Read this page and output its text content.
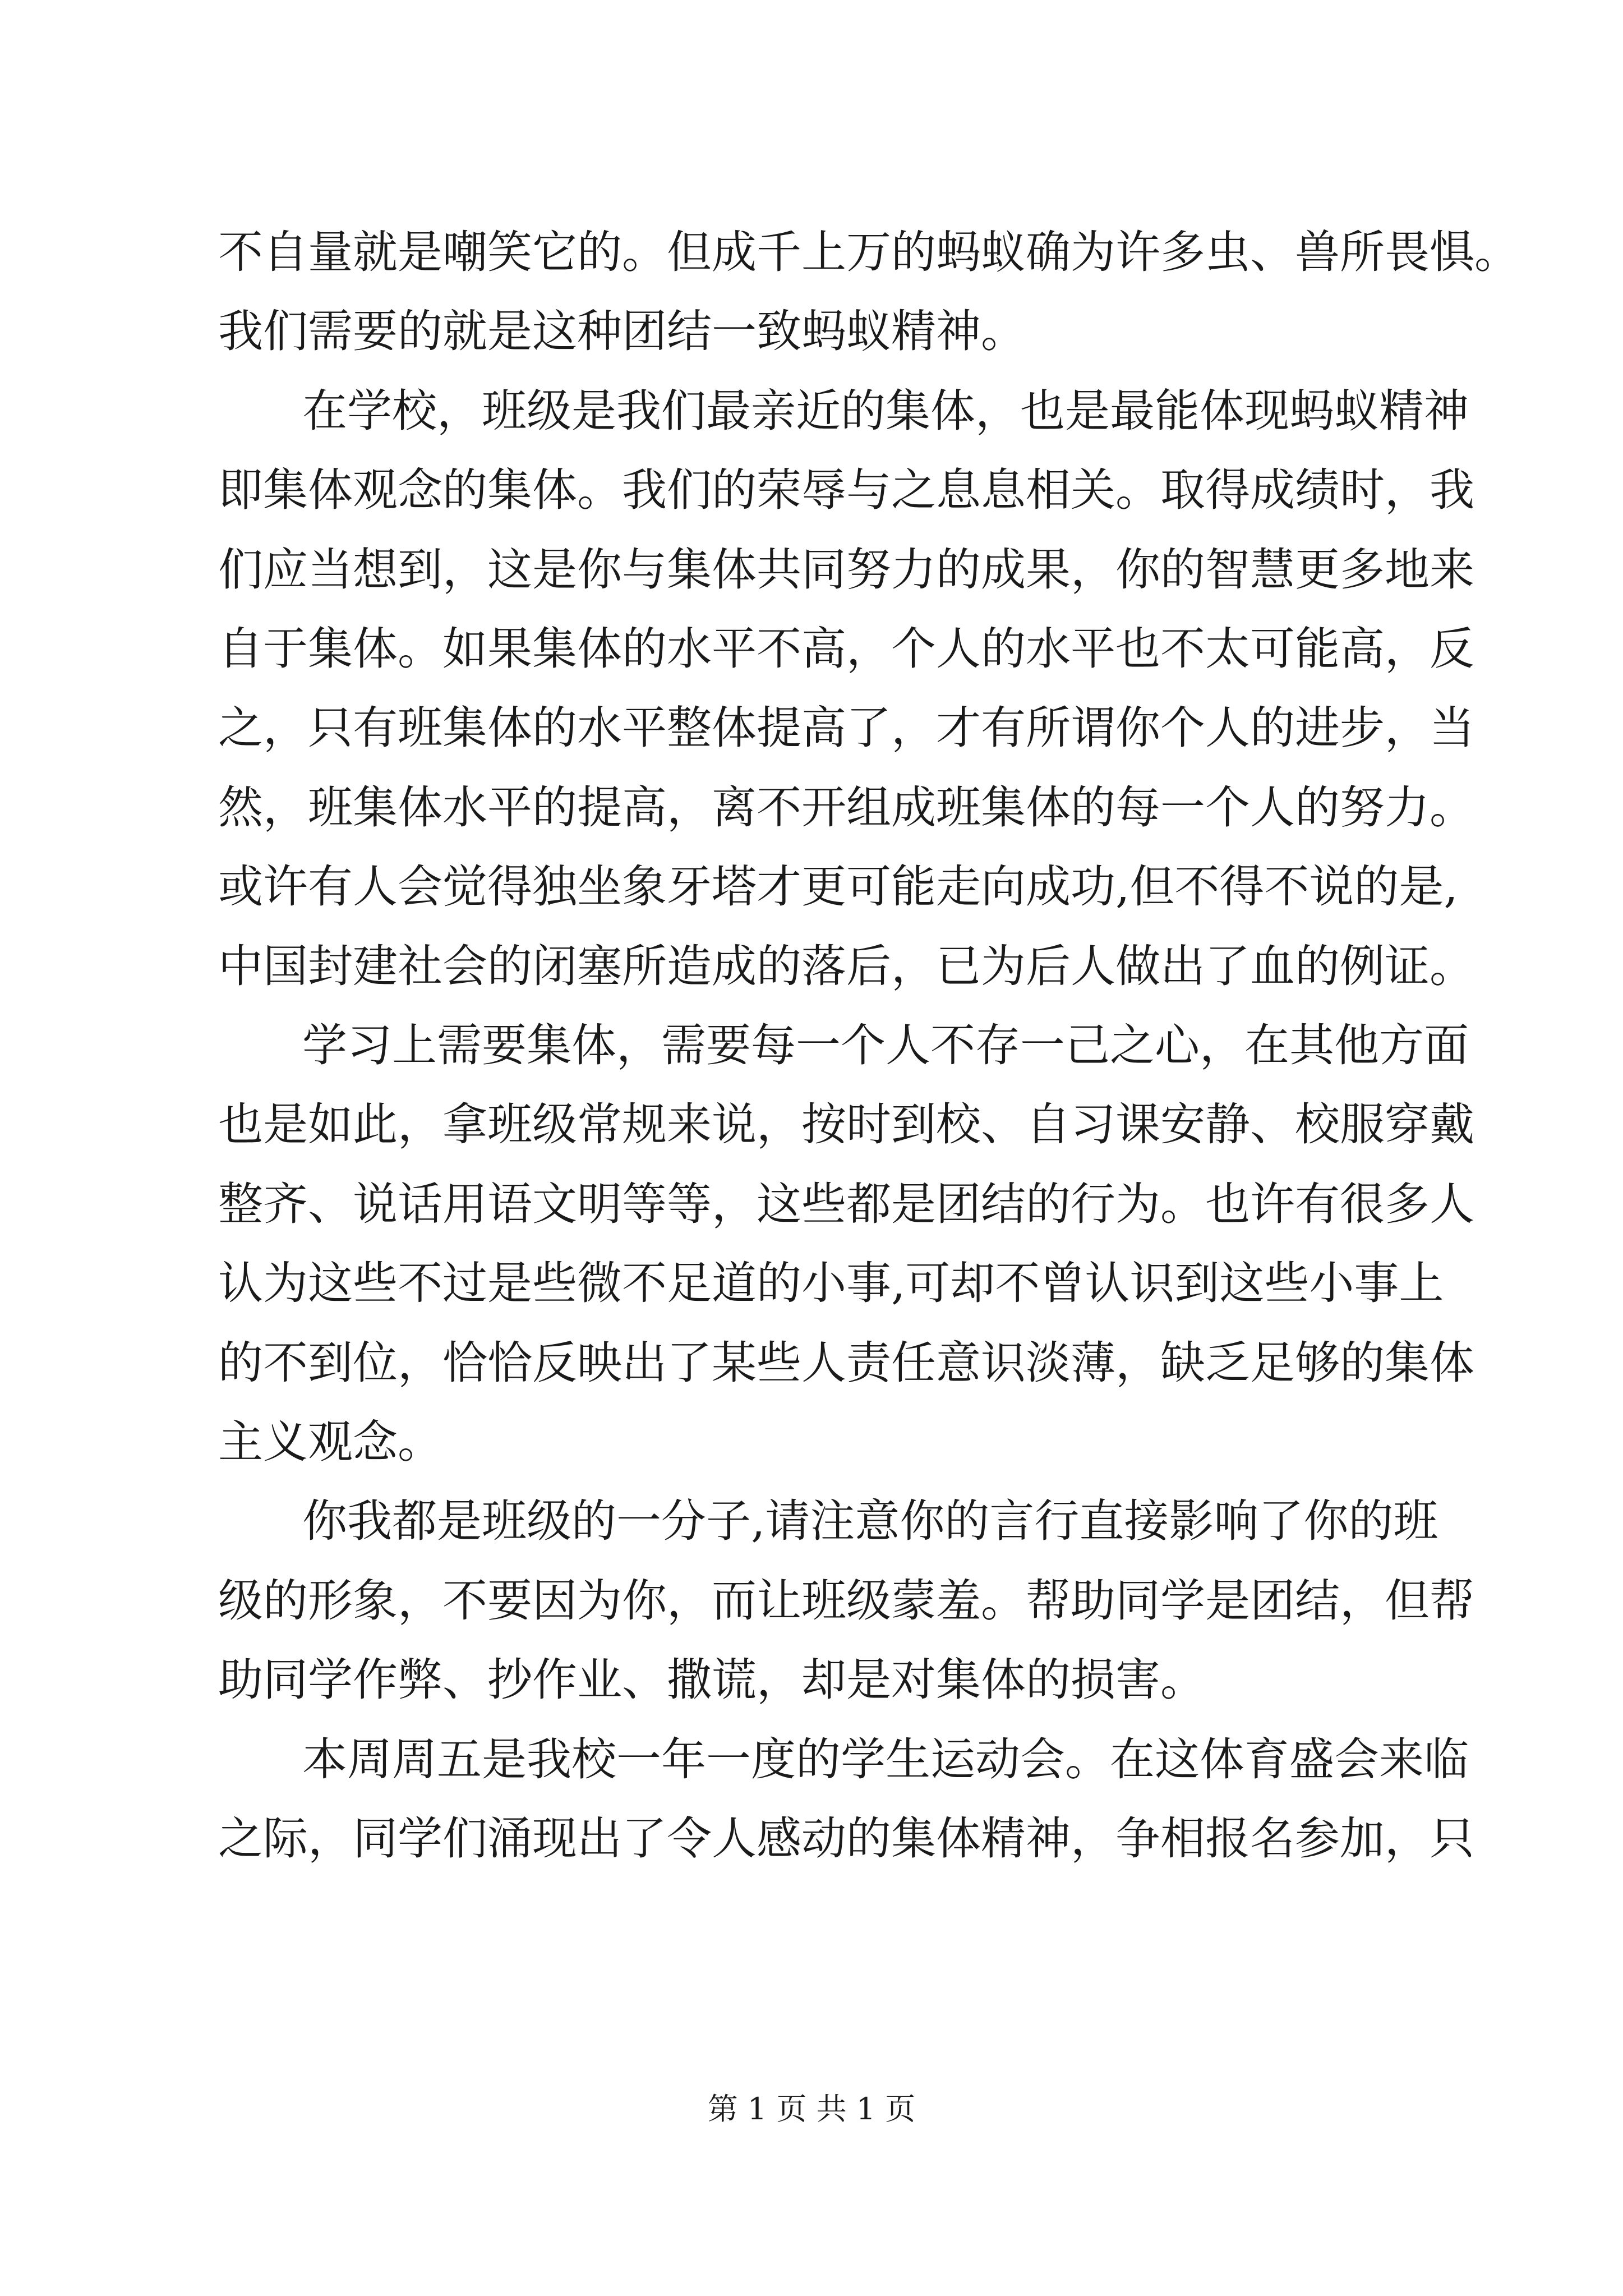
不自量就是嘲笑它的。但成千上万的蚂蚁确为许多虫、兽所畏惧。
我们需要的就是这种团结一致蚂蚁精神。
在学校，班级是我们最亲近的集体，也是最能体现蚂蚁精神
即集体观念的集体。我们的荣辱与之息息相关。取得成绩时，我
们应当想到，这是你与集体共同努力的成果，你的智慧更多地来
自于集体。如果集体的水平不高，个人的水平也不太可能高，反
之，只有班集体的水平整体提高了，才有所谓你个人的进步，当
然，班集体水平的提高，离不开组成班集体的每一个人的努力。
或许有人会觉得独坐象牙塔才更可能走向成功,但不得不说的是,
中国封建社会的闭塞所造成的落后，已为后人做出了血的例证。
学习上需要集体，需要每一个人不存一己之心，在其他方面
也是如此，拿班级常规来说，按时到校、自习课安静、校服穿戴
整齐、说话用语文明等等，这些都是团结的行为。也许有很多人
认为这些不过是些微不足道的小事,可却不曾认识到这些小事上
的不到位，恰恰反映出了某些人责任意识淡薄，缺乏足够的集体
主义观念。
你我都是班级的一分子,请注意你的言行直接影响了你的班
级的形象，不要因为你，而让班级蒙羞。帮助同学是团结，但帮
助同学作弊、抄作业、撒谎，却是对集体的损害。
本周周五是我校一年一度的学生运动会。在这体育盛会来临
之际，同学们涌现出了令人感动的集体精神，争相报名参加，只
第 1 页 共 1 页
